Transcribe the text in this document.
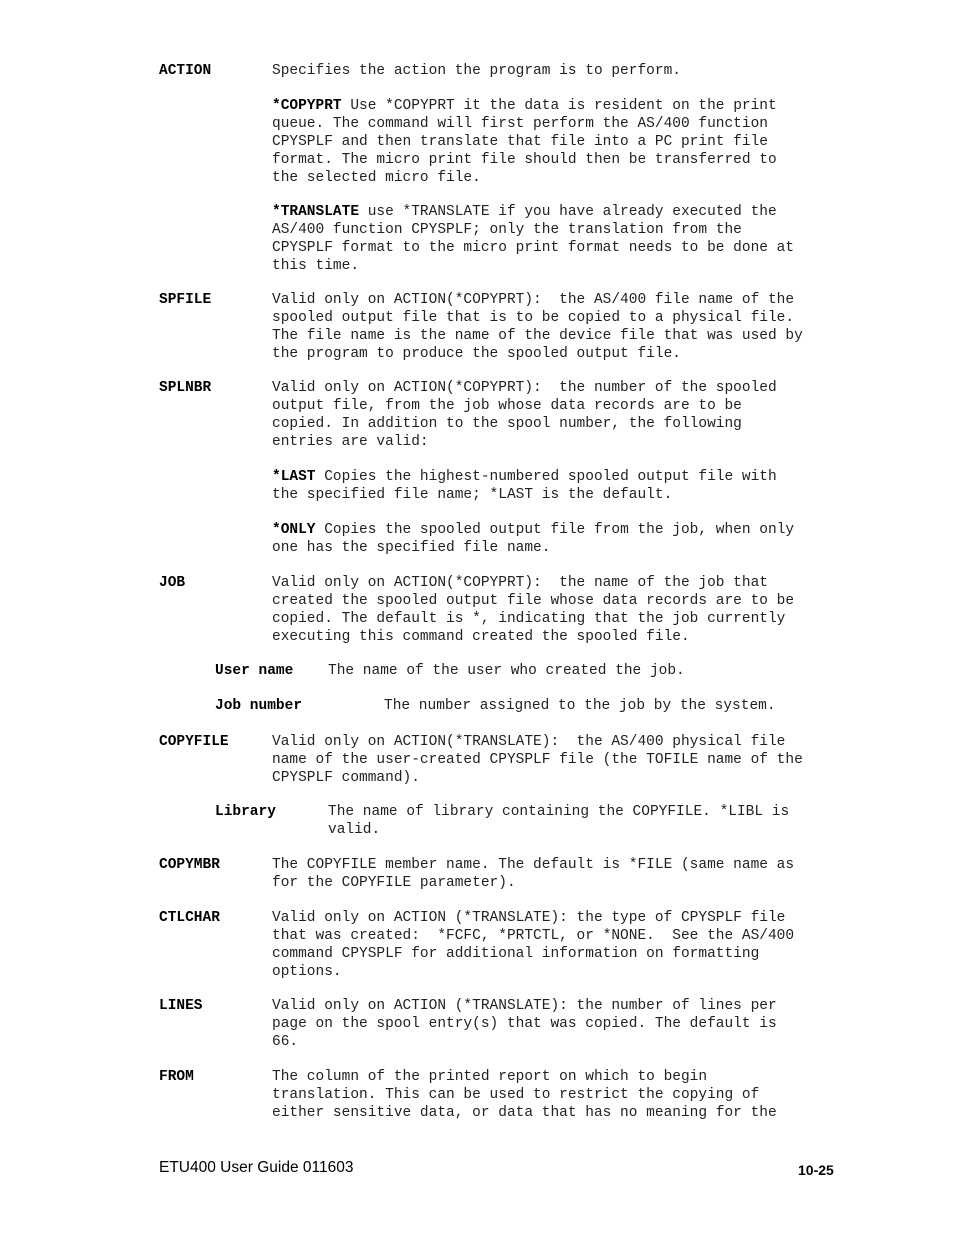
ACTION	Specifies the action the program is to perform.
*COPYPRT Use *COPYPRT it the data is resident on the print
queue. The command will first perform the AS/400 function
CPYSPLF and then translate that file into a PC print file
format. The micro print file should then be transferred to
the selected micro file.
*TRANSLATE use *TRANSLATE if you have already executed the
AS/400 function CPYSPLF; only the translation from the
CPYSPLF format to the micro print format needs to be done at
this time.
SPFILE	Valid only on ACTION(*COPYPRT):  the AS/400 file name of the
spooled output file that is to be copied to a physical file.
The file name is the name of the device file that was used by
the program to produce the spooled output file.
SPLNBR	Valid only on ACTION(*COPYPRT):  the number of the spooled
output file, from the job whose data records are to be
copied. In addition to the spool number, the following
entries are valid:
*LAST Copies the highest-numbered spooled output file with
the specified file name; *LAST is the default.
*ONLY Copies the spooled output file from the job, when only
one has the specified file name.
JOB	Valid only on ACTION(*COPYPRT):  the name of the job that
created the spooled output file whose data records are to be
copied. The default is *, indicating that the job currently
executing this command created the spooled file.
User name The name of the user who created the job.
Job number	The number assigned to the job by the system.
COPYFILE	Valid only on ACTION(*TRANSLATE):  the AS/400 physical file
name of the user-created CPYSPLF file (the TOFILE name of the
CPYSPLF command).
Library	The name of library containing the COPYFILE. *LIBL is
valid.
COPYMBR	The COPYFILE member name. The default is *FILE (same name as
for the COPYFILE parameter).
CTLCHAR	Valid only on ACTION (*TRANSLATE): the type of CPYSPLF file
that was created:  *FCFC, *PRTCTL, or *NONE.  See the AS/400
command CPYSPLF for additional information on formatting
options.
LINES	Valid only on ACTION (*TRANSLATE): the number of lines per
page on the spool entry(s) that was copied. The default is
66.
FROM	The column of the printed report on which to begin
translation. This can be used to restrict the copying of
either sensitive data, or data that has no meaning for the
ETU400 User Guide 011603	10-25
